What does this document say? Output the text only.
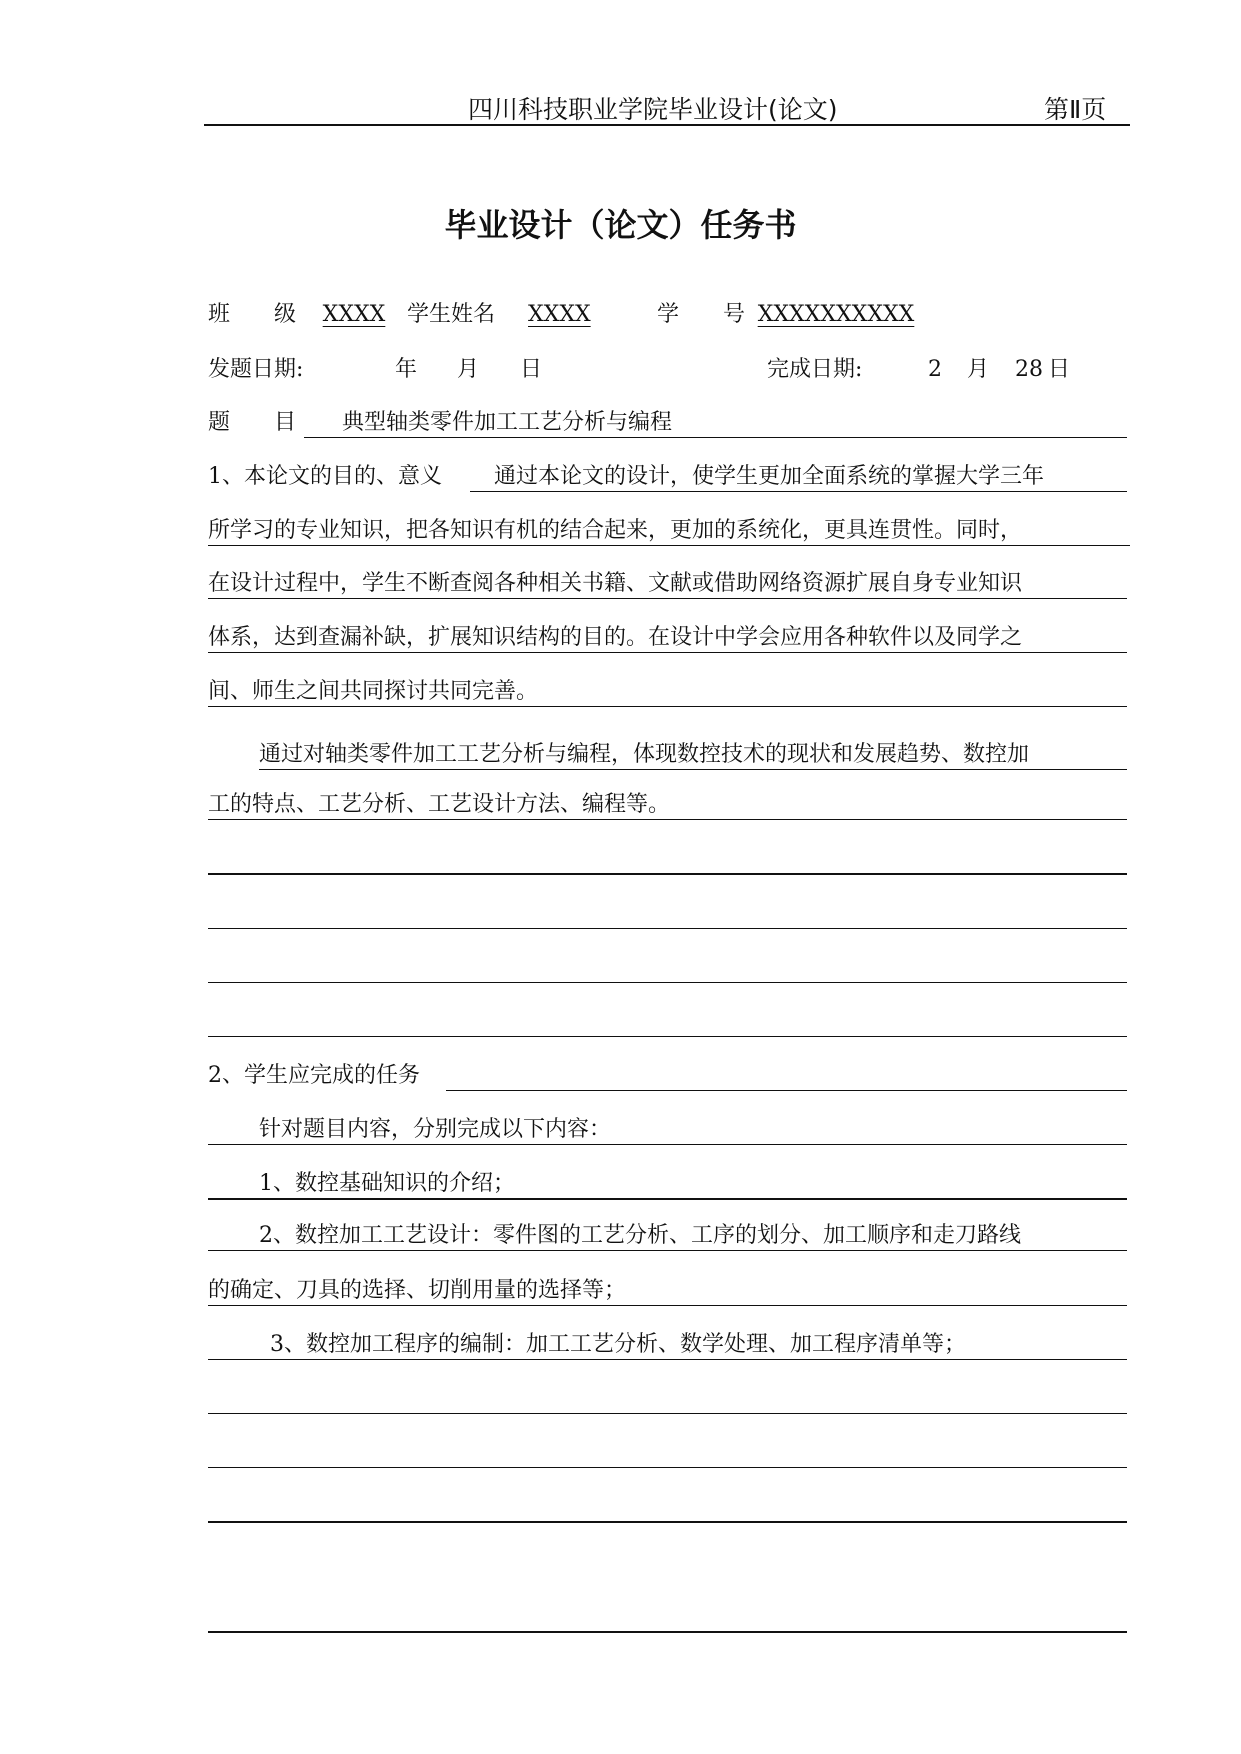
四川科技职业学院毕业设计(论文)	第Ⅱ页
毕业设计（论文）任务书
班　　级	XXXX 学生姓名	XXXX	学　　号 XXXXXXXXXX
发题日期:	年 月 日	完成日期:	2 月 28 日
题　　目 典型轴类零件加工工艺分析与编程
1、本论文的目的、意义 通过本论文的设计，使学生更加全面系统的掌握大学三年
所学习的专业知识，把各知识有机的结合起来，更加的系统化，更具连贯性。同时，
在设计过程中，学生不断查阅各种相关书籍、文献或借助网络资源扩展自身专业知识
体系，达到查漏补缺，扩展知识结构的目的。在设计中学会应用各种软件以及同学之
间、师生之间共同探讨共同完善。
通过对轴类零件加工工艺分析与编程，体现数控技术的现状和发展趋势、数控加
工的特点、工艺分析、工艺设计方法、编程等。
2、学生应完成的任务
针对题目内容，分别完成以下内容：
1、数控基础知识的介绍；
2、数控加工工艺设计：零件图的工艺分析、工序的划分、加工顺序和走刀路线
的确定、刀具的选择、切削用量的选择等；
3、数控加工程序的编制：加工工艺分析、数学处理、加工程序清单等；
